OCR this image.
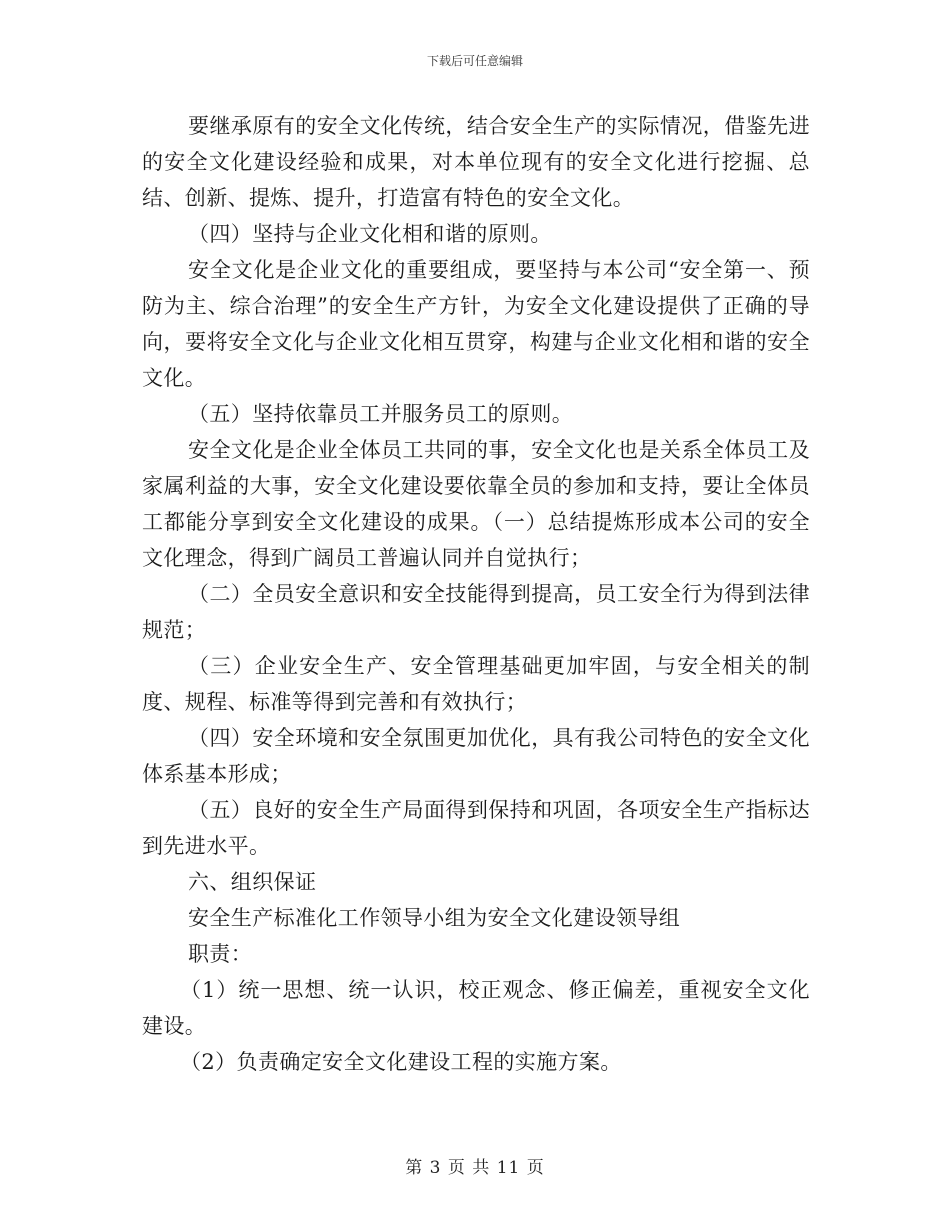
下载后可任意编辑

要继承原有的安全文化传统，结合安全生产的实际情况，借鉴先进的安全文化建设经验和成果，对本单位现有的安全文化进行挖掘、总结、创新、提炼、提升，打造富有特色的安全文化。

（四）坚持与企业文化相和谐的原则。

安全文化是企业文化的重要组成，要坚持与本公司“安全第一、预防为主、综合治理”的安全生产方针，为安全文化建设提供了正确的导向，要将安全文化与企业文化相互贯穿，构建与企业文化相和谐的安全文化。

（五）坚持依靠员工并服务员工的原则。

安全文化是企业全体员工共同的事，安全文化也是关系全体员工及家属利益的大事，安全文化建设要依靠全员的参加和支持，要让全体员工都能分享到安全文化建设的成果。（一）总结提炼形成本公司的安全文化理念，得到广阔员工普遍认同并自觉执行；

（二）全员安全意识和安全技能得到提高，员工安全行为得到法律规范；

（三）企业安全生产、安全管理基础更加牢固，与安全相关的制度、规程、标准等得到完善和有效执行；

（四）安全环境和安全氛围更加优化，具有我公司特色的安全文化体系基本形成；

（五）良好的安全生产局面得到保持和巩固，各项安全生产指标达到先进水平。

六、组织保证

安全生产标准化工作领导小组为安全文化建设领导组

职责：

（1）统一思想、统一认识，校正观念、修正偏差，重视安全文化建设。

（2）负责确定安全文化建设工程的实施方案。

第 3 页 共 11 页
